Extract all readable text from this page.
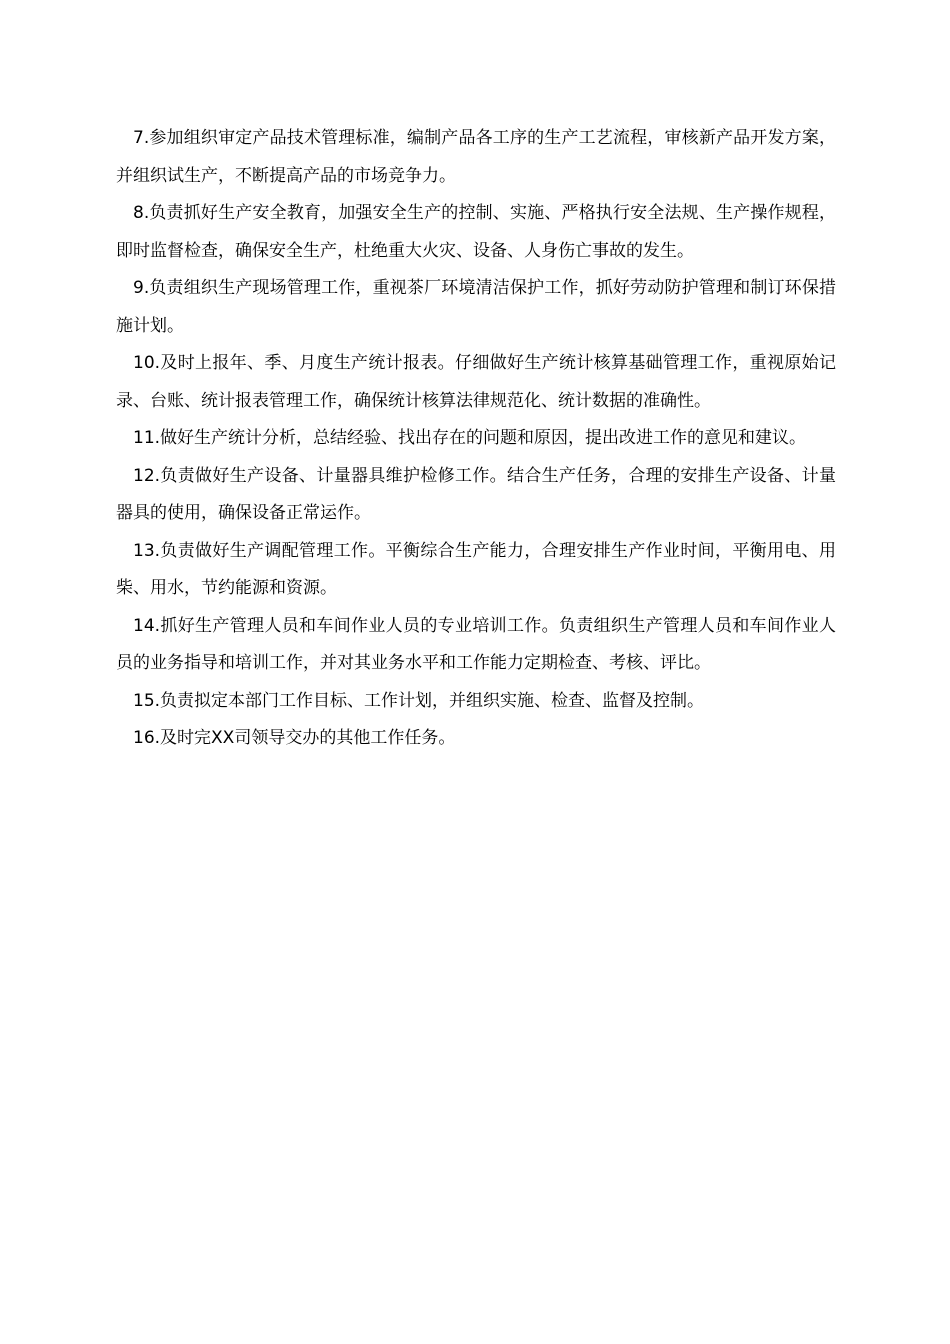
7.参加组织审定产品技术管理标准，编制产品各工序的生产工艺流程，审核新产品开发方案，并组织试生产，不断提高产品的市场竞争力。

8.负责抓好生产安全教育，加强安全生产的控制、实施、严格执行安全法规、生产操作规程，即时监督检查，确保安全生产，杜绝重大火灾、设备、人身伤亡事故的发生。

9.负责组织生产现场管理工作，重视茶厂环境清洁保护工作，抓好劳动防护管理和制订环保措施计划。

10.及时上报年、季、月度生产统计报表。仔细做好生产统计核算基础管理工作，重视原始记录、台账、统计报表管理工作，确保统计核算法律规范化、统计数据的准确性。

11.做好生产统计分析，总结经验、找出存在的问题和原因，提出改进工作的意见和建议。

12.负责做好生产设备、计量器具维护检修工作。结合生产任务，合理的安排生产设备、计量器具的使用，确保设备正常运作。

13.负责做好生产调配管理工作。平衡综合生产能力，合理安排生产作业时间，平衡用电、用柴、用水，节约能源和资源。

14.抓好生产管理人员和车间作业人员的专业培训工作。负责组织生产管理人员和车间作业人员的业务指导和培训工作，并对其业务水平和工作能力定期检查、考核、评比。

15.负责拟定本部门工作目标、工作计划，并组织实施、检查、监督及控制。

16.及时完XX司领导交办的其他工作任务。
